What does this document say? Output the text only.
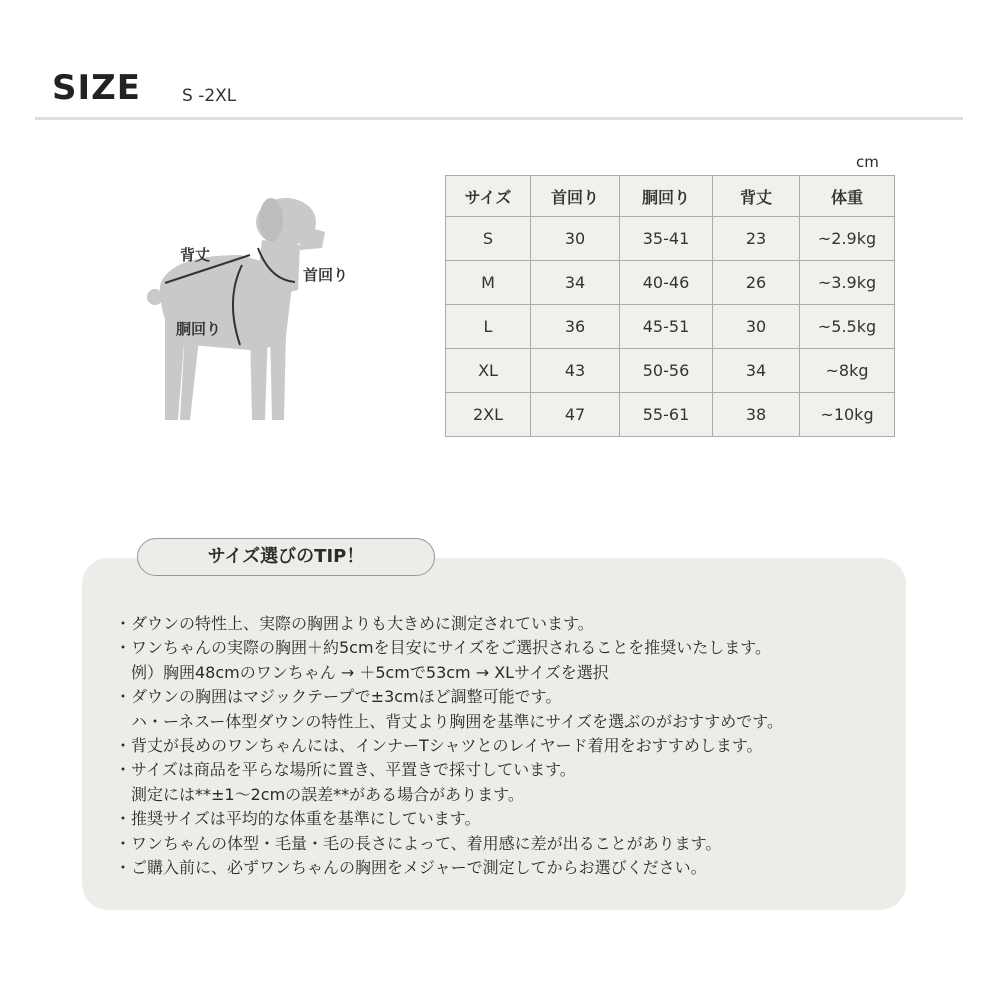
SIZE S -2XL
背丈
首回り
胴回り
cm
サイズ	首回り	胴回り	背丈	体重
S	30	35-41	23	~2.9kg
M	34	40-46	26	~3.9kg
L	36	45-51	30	~5.5kg
XL	43	50-56	34	~8kg
2XL	47	55-61	38	~10kg
サイズ選びのTIP！
・ダウンの特性上、実際の胸囲よりも大きめに測定されています。
・ワンちゃんの実際の胸囲＋約5cmを目安にサイズをご選択されることを推奨いたします。
　例）胸囲48cmのワンちゃん → ＋5cmで53cm → XLサイズを選択
・ダウンの胸囲はマジックテープで±3cmほど調整可能です。
　ハ・ーネスー体型ダウンの特性上、背丈より胸囲を基準にサイズを選ぶのがおすすめです。
・背丈が長めのワンちゃんには、インナーTシャツとのレイヤード着用をおすすめします。
・サイズは商品を平らな場所に置き、平置きで採寸しています。
　測定には**±1～2cmの誤差**がある場合があります。
・推奨サイズは平均的な体重を基準にしています。
・ワンちゃんの体型・毛量・毛の長さによって、着用感に差が出ることがあります。
・ご購入前に、必ずワンちゃんの胸囲をメジャーで測定してからお選びください。
